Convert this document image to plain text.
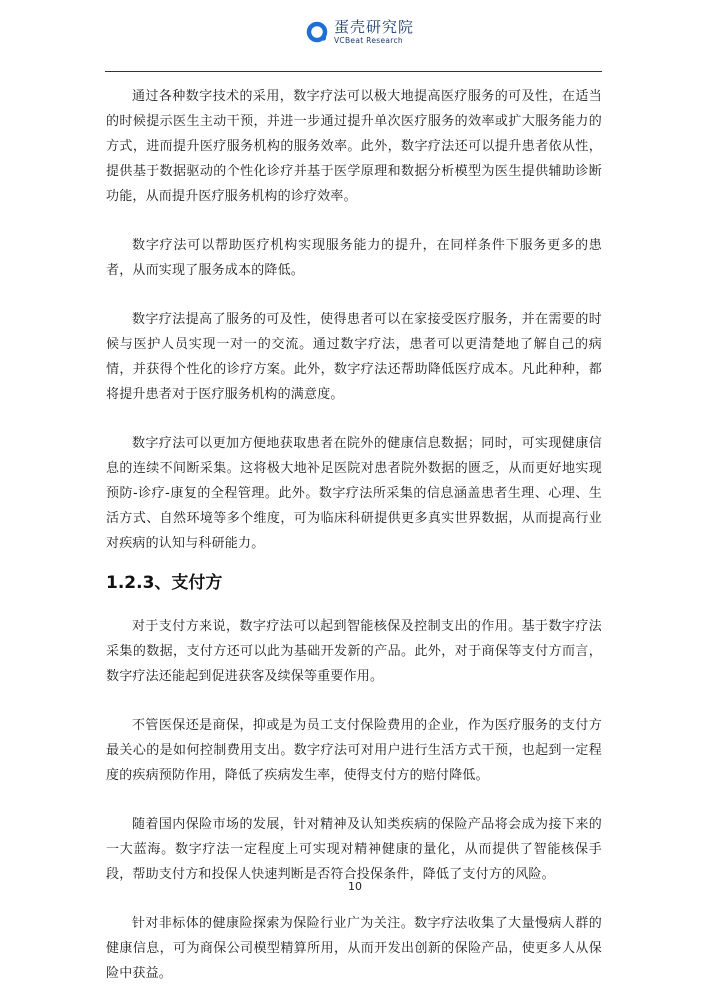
蛋壳研究院
VCBeat Research

通过各种数字技术的采用，数字疗法可以极大地提高医疗服务的可及性，在适当的时候提示医生主动干预，并进一步通过提升单次医疗服务的效率或扩大服务能力的方式，进而提升医疗服务机构的服务效率。此外，数字疗法还可以提升患者依从性，提供基于数据驱动的个性化诊疗并基于医学原理和数据分析模型为医生提供辅助诊断功能，从而提升医疗服务机构的诊疗效率。

数字疗法可以帮助医疗机构实现服务能力的提升，在同样条件下服务更多的患者，从而实现了服务成本的降低。

数字疗法提高了服务的可及性，使得患者可以在家接受医疗服务，并在需要的时候与医护人员实现一对一的交流。通过数字疗法，患者可以更清楚地了解自己的病情，并获得个性化的诊疗方案。此外，数字疗法还帮助降低医疗成本。凡此种种，都将提升患者对于医疗服务机构的满意度。

数字疗法可以更加方便地获取患者在院外的健康信息数据；同时，可实现健康信息的连续不间断采集。这将极大地补足医院对患者院外数据的匮乏，从而更好地实现预防-诊疗-康复的全程管理。此外。数字疗法所采集的信息涵盖患者生理、心理、生活方式、自然环境等多个维度，可为临床科研提供更多真实世界数据，从而提高行业对疾病的认知与科研能力。

1.2.3、支付方

对于支付方来说，数字疗法可以起到智能核保及控制支出的作用。基于数字疗法采集的数据，支付方还可以此为基础开发新的产品。此外，对于商保等支付方而言，数字疗法还能起到促进获客及续保等重要作用。

不管医保还是商保，抑或是为员工支付保险费用的企业，作为医疗服务的支付方最关心的是如何控制费用支出。数字疗法可对用户进行生活方式干预，也起到一定程度的疾病预防作用，降低了疾病发生率，使得支付方的赔付降低。

随着国内保险市场的发展，针对精神及认知类疾病的保险产品将会成为接下来的一大蓝海。数字疗法一定程度上可实现对精神健康的量化，从而提供了智能核保手段，帮助支付方和投保人快速判断是否符合投保条件，降低了支付方的风险。

针对非标体的健康险探索为保险行业广为关注。数字疗法收集了大量慢病人群的健康信息，可为商保公司模型精算所用，从而开发出创新的保险产品，使更多人从保险中获益。

10
